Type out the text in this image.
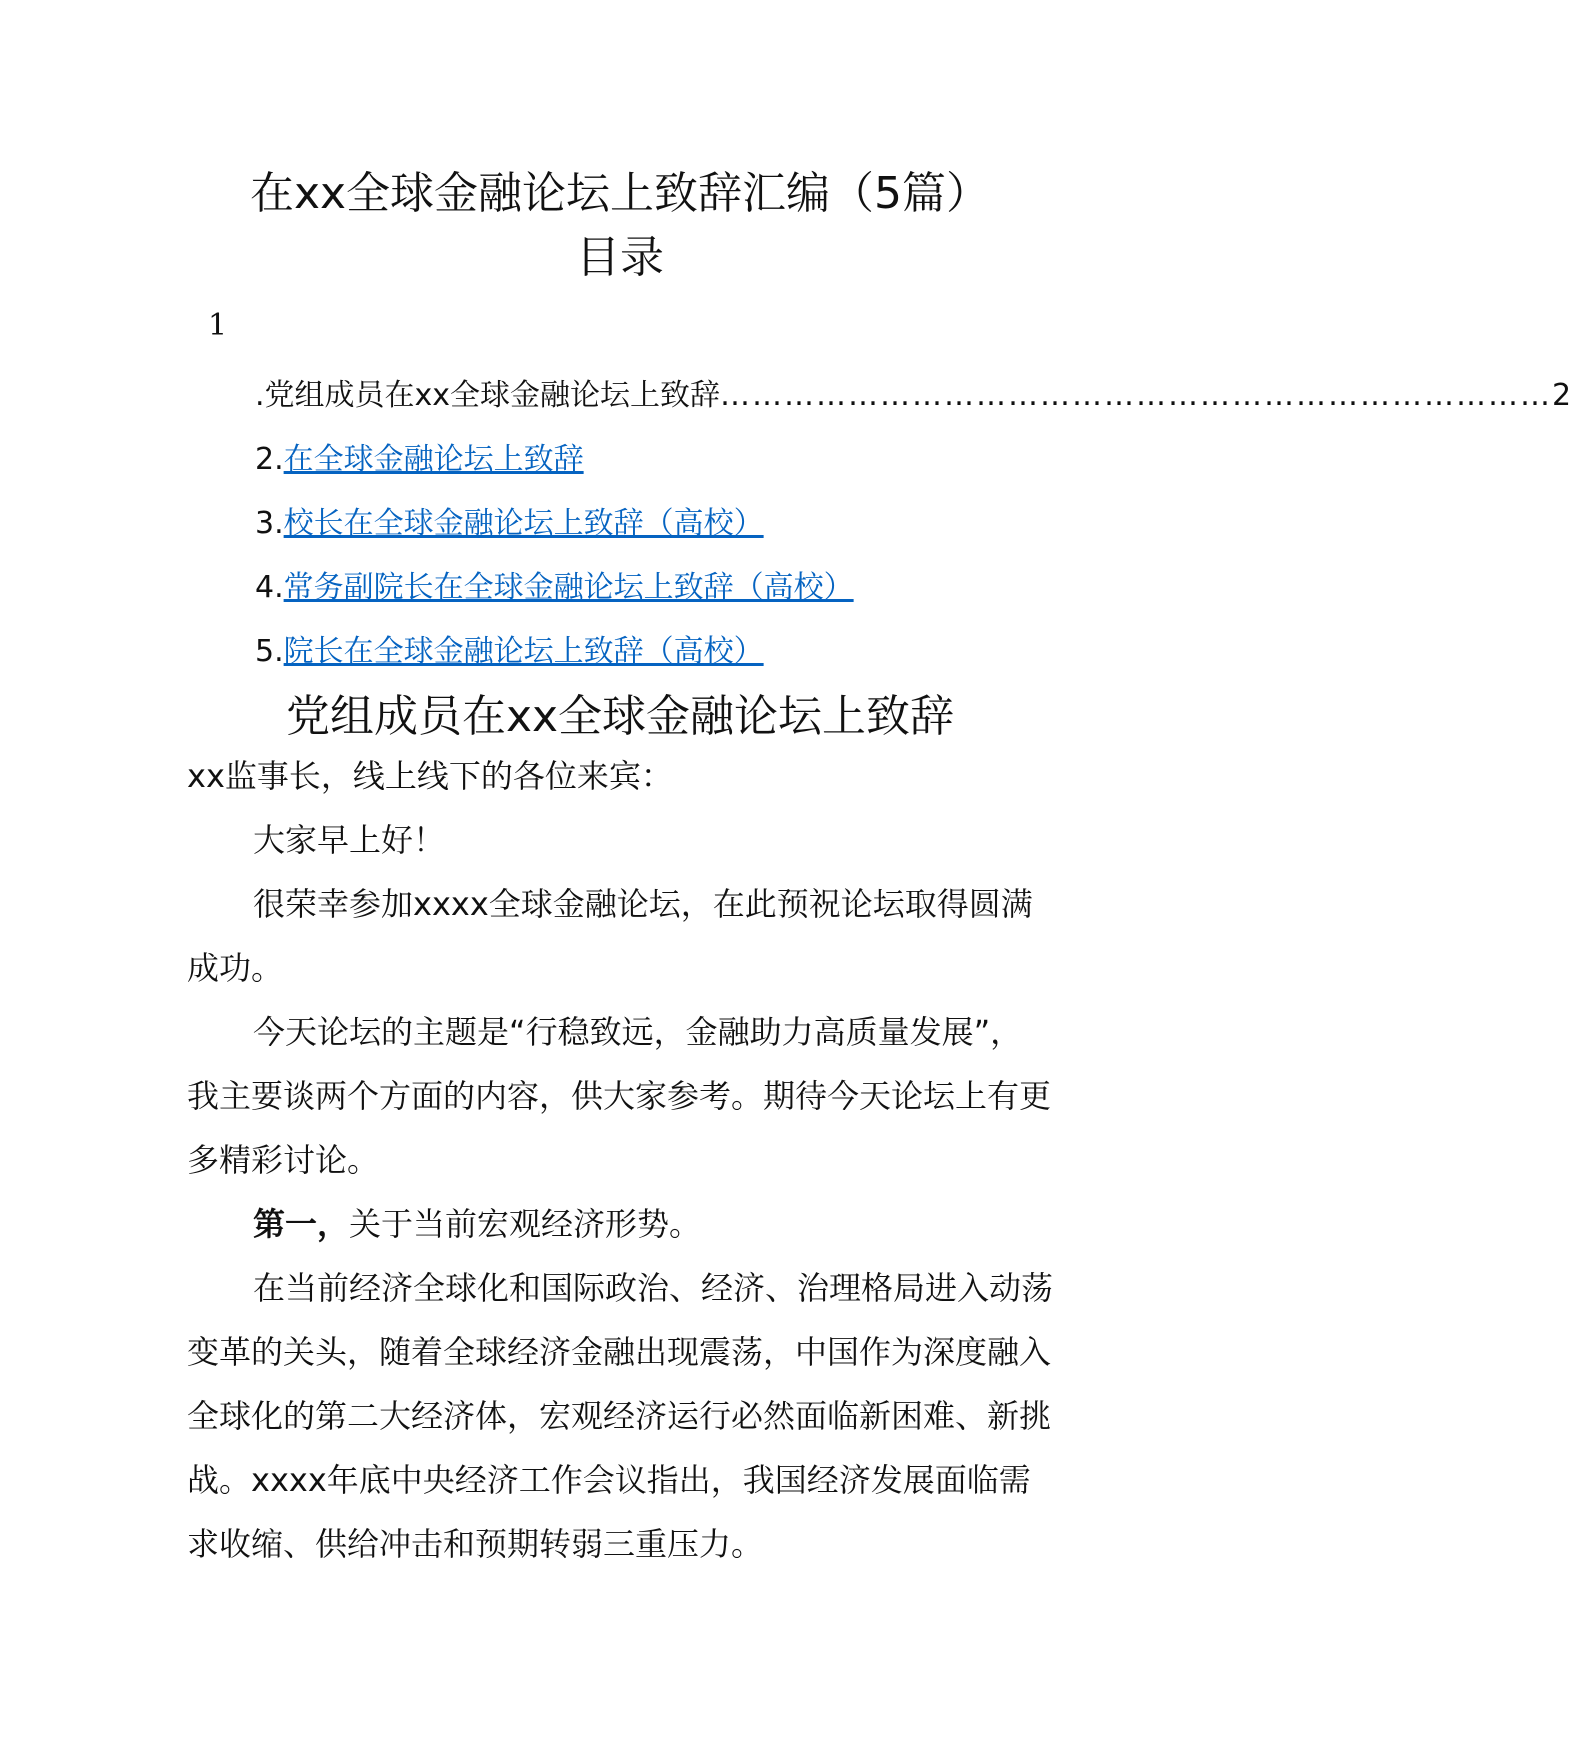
在xx全球金融论坛上致辞汇编（5篇）
目录
1
.党组成员在xx全球金融论坛上致辞 …………………………………………………………………… 2
2.在全球金融论坛上致辞
3.校长在全球金融论坛上致辞（高校）
4.常务副院长在全球金融论坛上致辞（高校）
5.院长在全球金融论坛上致辞（高校）
党组成员在xx全球金融论坛上致辞
xx监事长，线上线下的各位来宾：
大家早上好！
很荣幸参加xxxx全球金融论坛，在此预祝论坛取得圆满成功。
今天论坛的主题是“行稳致远，金融助力高质量发展”，我主要谈两个方面的内容，供大家参考。期待今天论坛上有更多精彩讨论。
第一，关于当前宏观经济形势。
在当前经济全球化和国际政治、经济、治理格局进入动荡变革的关头，随着全球经济金融出现震荡，中国作为深度融入全球化的第二大经济体，宏观经济运行必然面临新困难、新挑战。xxxx年底中央经济工作会议指出，我国经济发展面临需求收缩、供给冲击和预期转弱三重压力。
